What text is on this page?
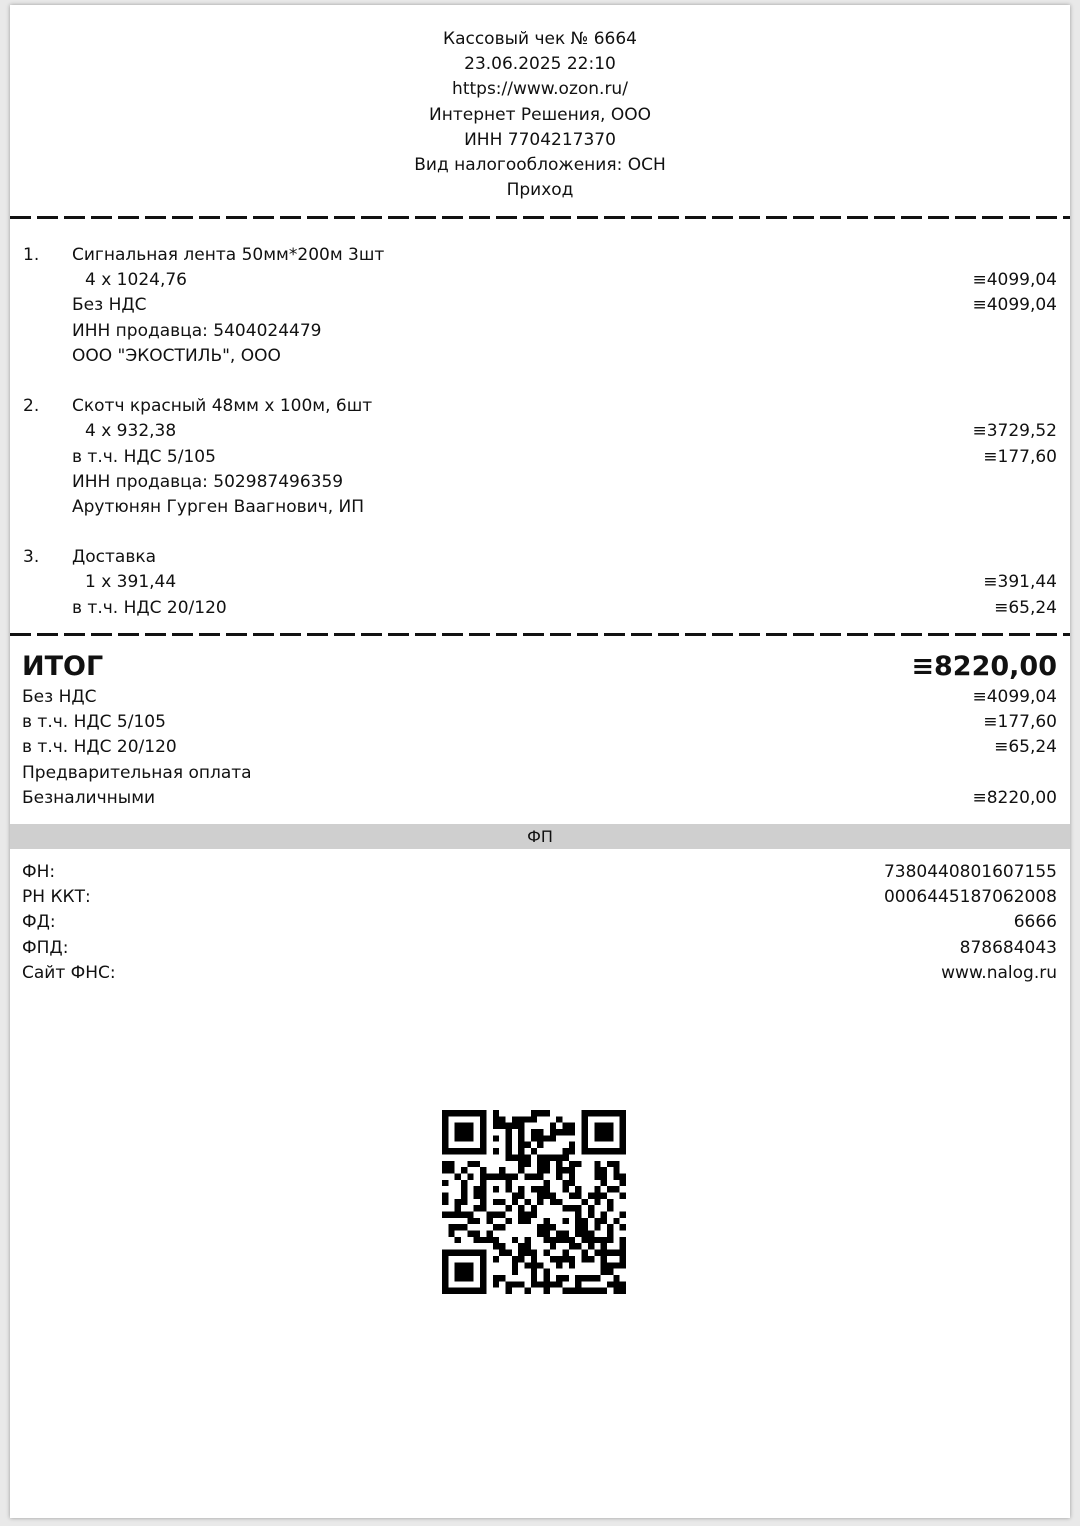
Кассовый чек № 6664
23.06.2025 22:10
https://www.ozon.ru/
Интернет Решения, ООО
ИНН 7704217370
Вид налогообложения: ОСН
Приход
1. Сигнальная лента 50мм*200м 3шт
4 x 1024,76	≡4099,04
Без НДС	≡4099,04
ИНН продавца: 5404024479
ООО "ЭКОСТИЛЬ", ООО
2. Скотч красный 48мм x 100м, 6шт
4 x 932,38	≡3729,52
в т.ч. НДС 5/105	≡177,60
ИНН продавца: 502987496359
Арутюнян Гурген Ваагнович, ИП
3. Доставка
1 x 391,44	≡391,44
в т.ч. НДС 20/120	≡65,24
ИТОГ	≡8220,00
Без НДС	≡4099,04
в т.ч. НДС 5/105	≡177,60
в т.ч. НДС 20/120	≡65,24
Предварительная оплата
Безналичными	≡8220,00
ФП
ФН:	7380440801607155
РН ККТ:	0006445187062008
ФД:	6666
ФПД:	878684043
Сайт ФНС:	www.nalog.ru
